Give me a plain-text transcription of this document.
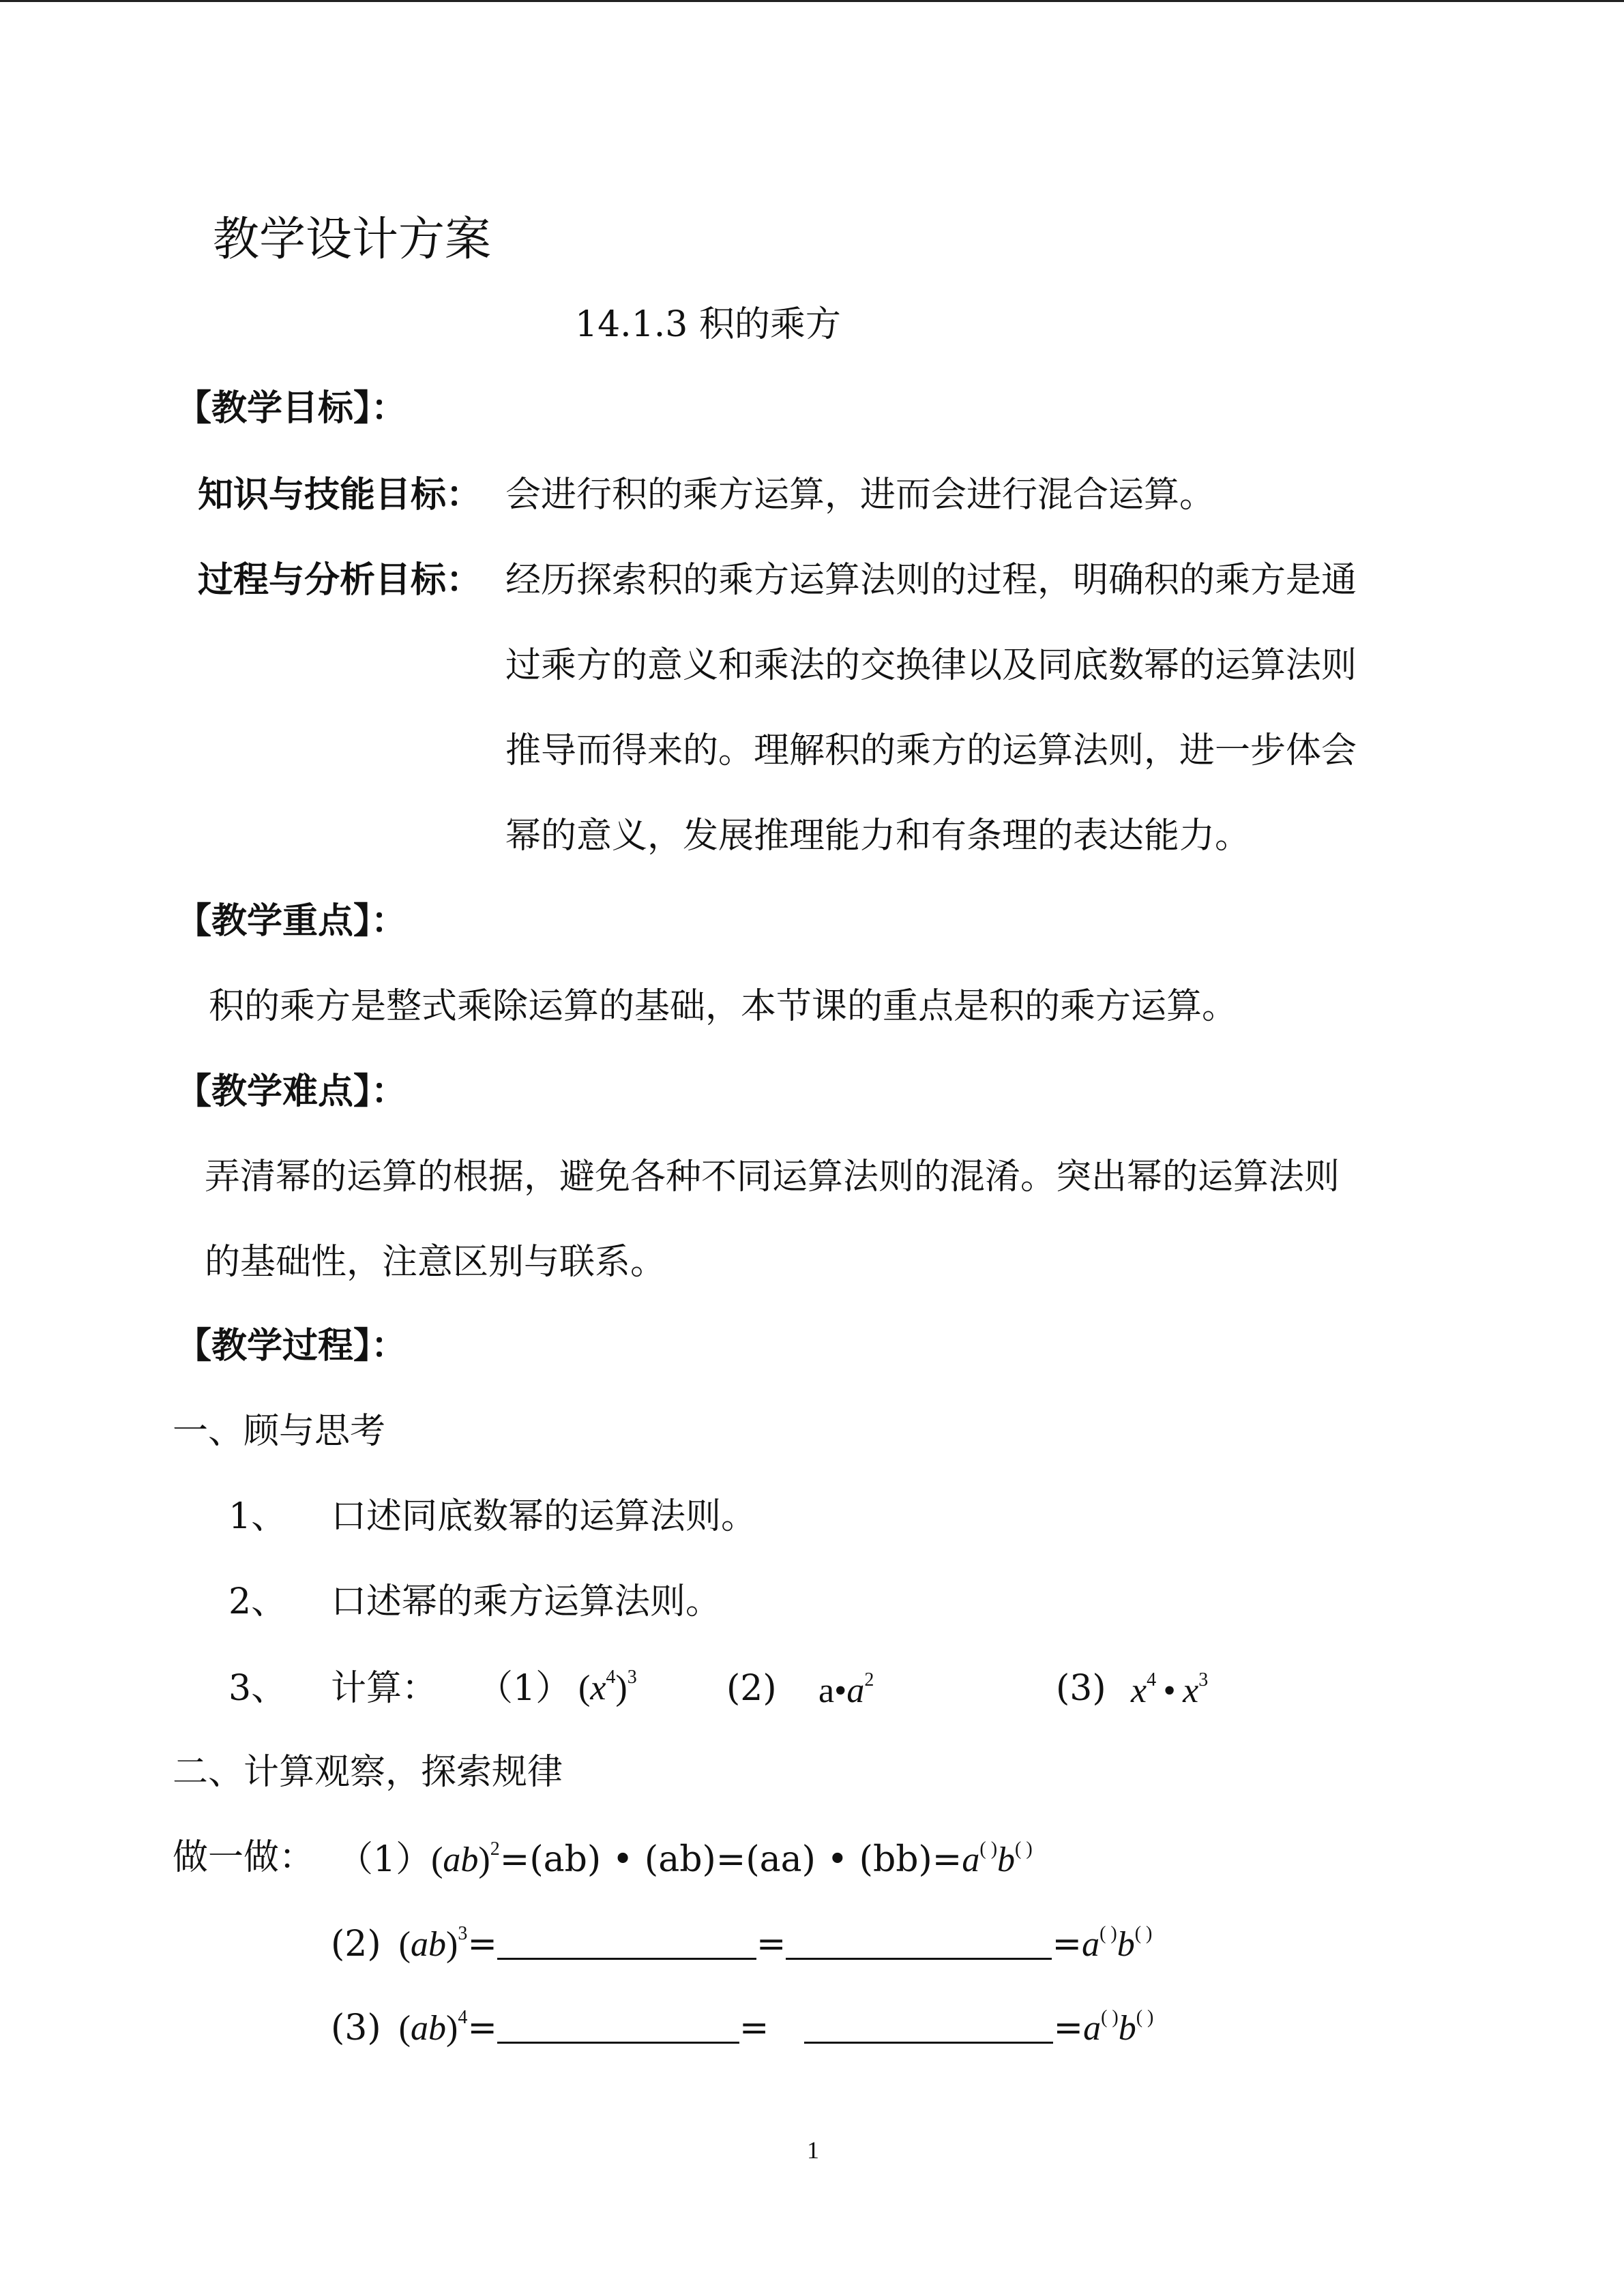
教学设计方案
14.1.3 积的乘方
【教学目标】：
知识与技能目标： 会进行积的乘方运算，进而会进行混合运算。
过程与分析目标： 经历探索积的乘方运算法则的过程，明确积的乘方是通
过乘方的意义和乘法的交换律以及同底数幂的运算法则
推导而得来的。理解积的乘方的运算法则，进一步体会
幂的意义，发展推理能力和有条理的表达能力。
【教学重点】：
积的乘方是整式乘除运算的基础，本节课的重点是积的乘方运算。
【教学难点】：
弄清幂的运算的根据，避免各种不同运算法则的混淆。突出幂的运算法则
的基础性，注意区别与联系。
【教学过程】：
一、顾与思考
1、 口述同底数幂的运算法则。
2、 口述幂的乘方运算法则。
3、 计算： （1） $(x^4)^3$	(2) $a•a^2$	(3) $x^4$  •  $x^3$
二、计算观察，探索规律
做一做： （1）(ab)$^2$=(ab) • (ab)=(aa) • (bb)=a( )b( )
(2)  (ab)$^3$=	=	=a( )b( )
(3)  (ab)$^4$=	= 	=a( )b( )
1
